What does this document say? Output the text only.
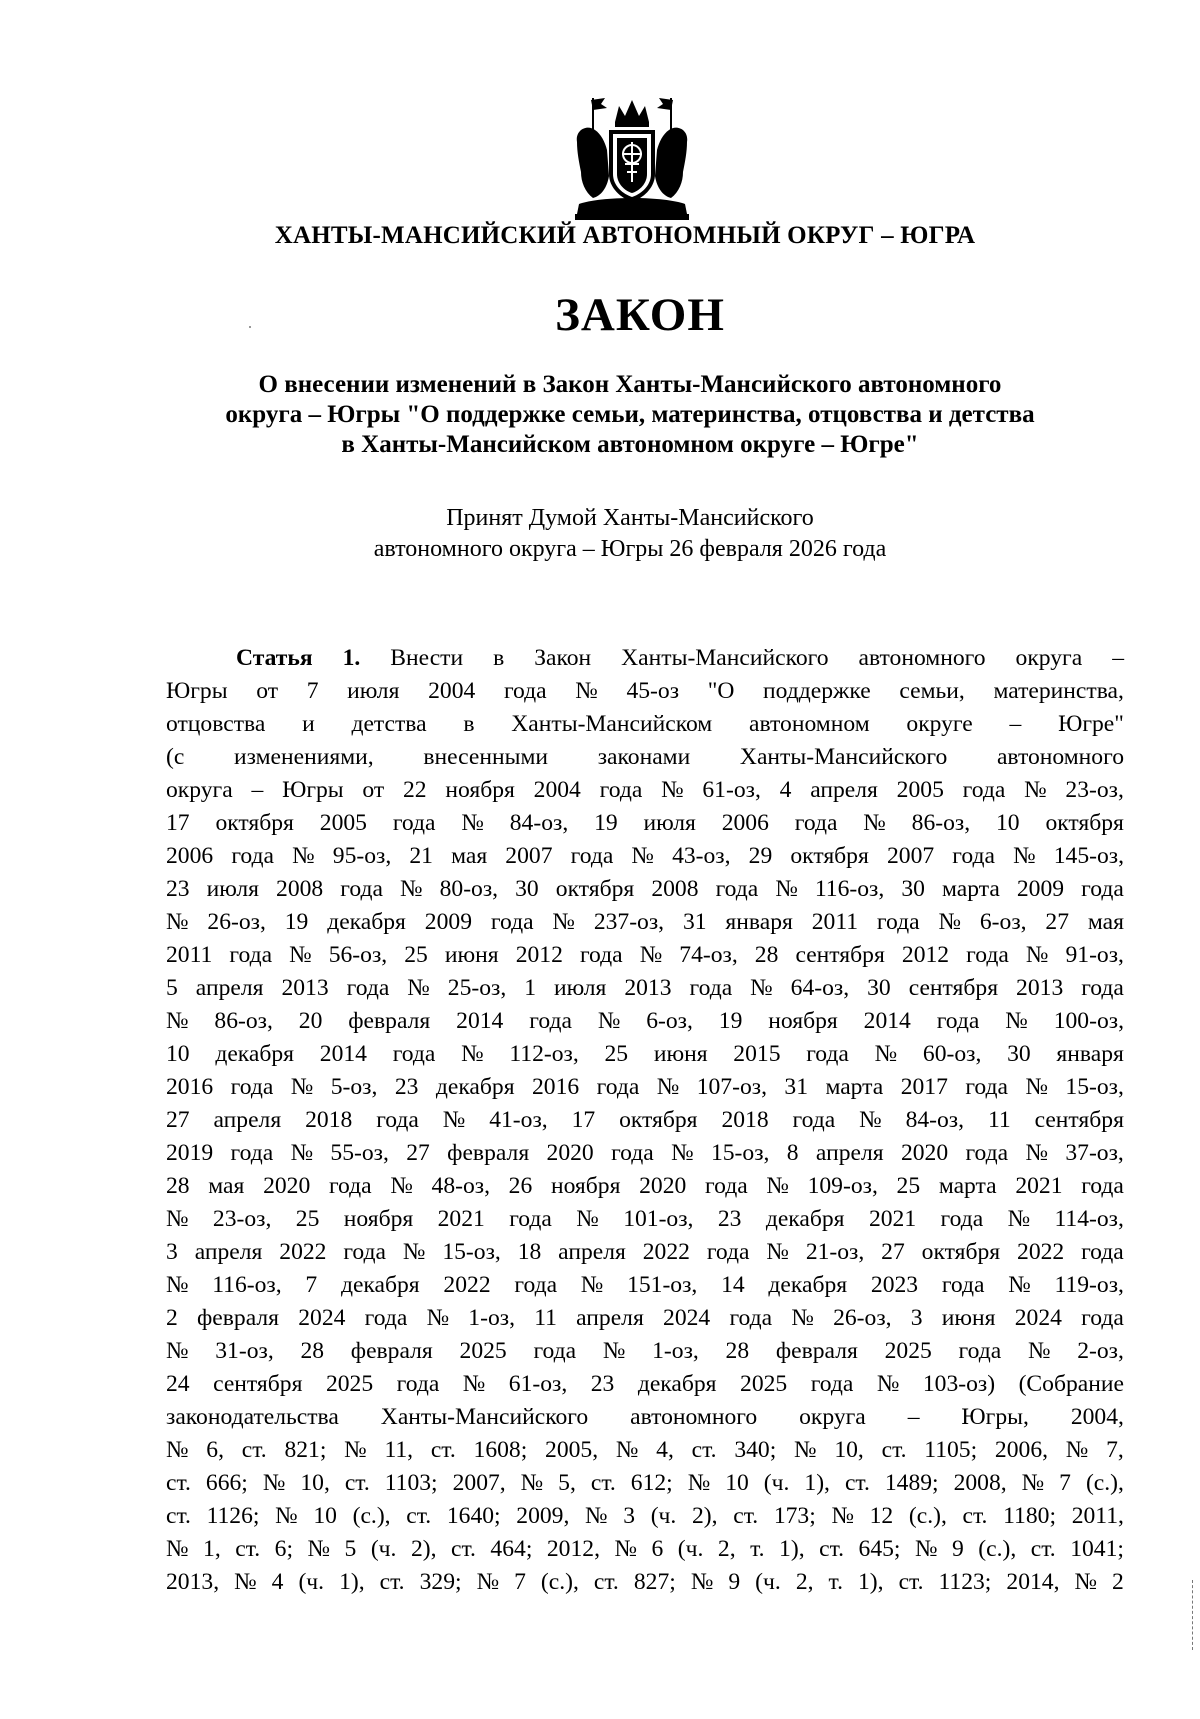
ХАНТЫ-МАНСИЙСКИЙ АВТОНОМНЫЙ ОКРУГ – ЮГРА
ЗАКОН
О внесении изменений в Закон Ханты-Мансийского автономного
округа – Югры "О поддержке семьи, материнства, отцовства и детства
в Ханты-Мансийском автономном округе – Югре"
Принят Думой Ханты-Мансийского
автономного округа – Югры 26 февраля 2026 года
Статья 1. Внести в Закон Ханты-Мансийского автономного округа –
Югры от 7 июля 2004 года № 45-оз "О поддержке семьи, материнства,
отцовства и детства в Ханты-Мансийском автономном округе – Югре"
(с изменениями, внесенными законами Ханты-Мансийского автономного
округа – Югры от 22 ноября 2004 года № 61-оз, 4 апреля 2005 года № 23-оз,
17 октября 2005 года № 84-оз, 19 июля 2006 года № 86-оз, 10 октября
2006 года № 95-оз, 21 мая 2007 года № 43-оз, 29 октября 2007 года № 145-оз,
23 июля 2008 года № 80-оз, 30 октября 2008 года № 116-оз, 30 марта 2009 года
№ 26-оз, 19 декабря 2009 года № 237-оз, 31 января 2011 года № 6-оз, 27 мая
2011 года № 56-оз, 25 июня 2012 года № 74-оз, 28 сентября 2012 года № 91-оз,
5 апреля 2013 года № 25-оз, 1 июля 2013 года № 64-оз, 30 сентября 2013 года
№ 86-оз, 20 февраля 2014 года № 6-оз, 19 ноября 2014 года № 100-оз,
10 декабря 2014 года № 112-оз, 25 июня 2015 года № 60-оз, 30 января
2016 года № 5-оз, 23 декабря 2016 года № 107-оз, 31 марта 2017 года № 15-оз,
27 апреля 2018 года № 41-оз, 17 октября 2018 года № 84-оз, 11 сентября
2019 года № 55-оз, 27 февраля 2020 года № 15-оз, 8 апреля 2020 года № 37-оз,
28 мая 2020 года № 48-оз, 26 ноября 2020 года № 109-оз, 25 марта 2021 года
№ 23-оз, 25 ноября 2021 года № 101-оз, 23 декабря 2021 года № 114-оз,
3 апреля 2022 года № 15-оз, 18 апреля 2022 года № 21-оз, 27 октября 2022 года
№ 116-оз, 7 декабря 2022 года № 151-оз, 14 декабря 2023 года № 119-оз,
2 февраля 2024 года № 1-оз, 11 апреля 2024 года № 26-оз, 3 июня 2024 года
№ 31-оз, 28 февраля 2025 года № 1-оз, 28 февраля 2025 года № 2-оз,
24 сентября 2025 года № 61-оз, 23 декабря 2025 года № 103-оз) (Собрание
законодательства Ханты-Мансийского автономного округа – Югры, 2004,
№ 6, ст. 821; № 11, ст. 1608; 2005, № 4, ст. 340; № 10, ст. 1105; 2006, № 7,
ст. 666; № 10, ст. 1103; 2007, № 5, ст. 612; № 10 (ч. 1), ст. 1489; 2008, № 7 (с.),
ст. 1126; № 10 (с.), ст. 1640; 2009, № 3 (ч. 2), ст. 173; № 12 (с.), ст. 1180; 2011,
№ 1, ст. 6; № 5 (ч. 2), ст. 464; 2012, № 6 (ч. 2, т. 1), ст. 645; № 9 (с.), ст. 1041;
2013, № 4 (ч. 1), ст. 329; № 7 (с.), ст. 827; № 9 (ч. 2, т. 1), ст. 1123; 2014, № 2
